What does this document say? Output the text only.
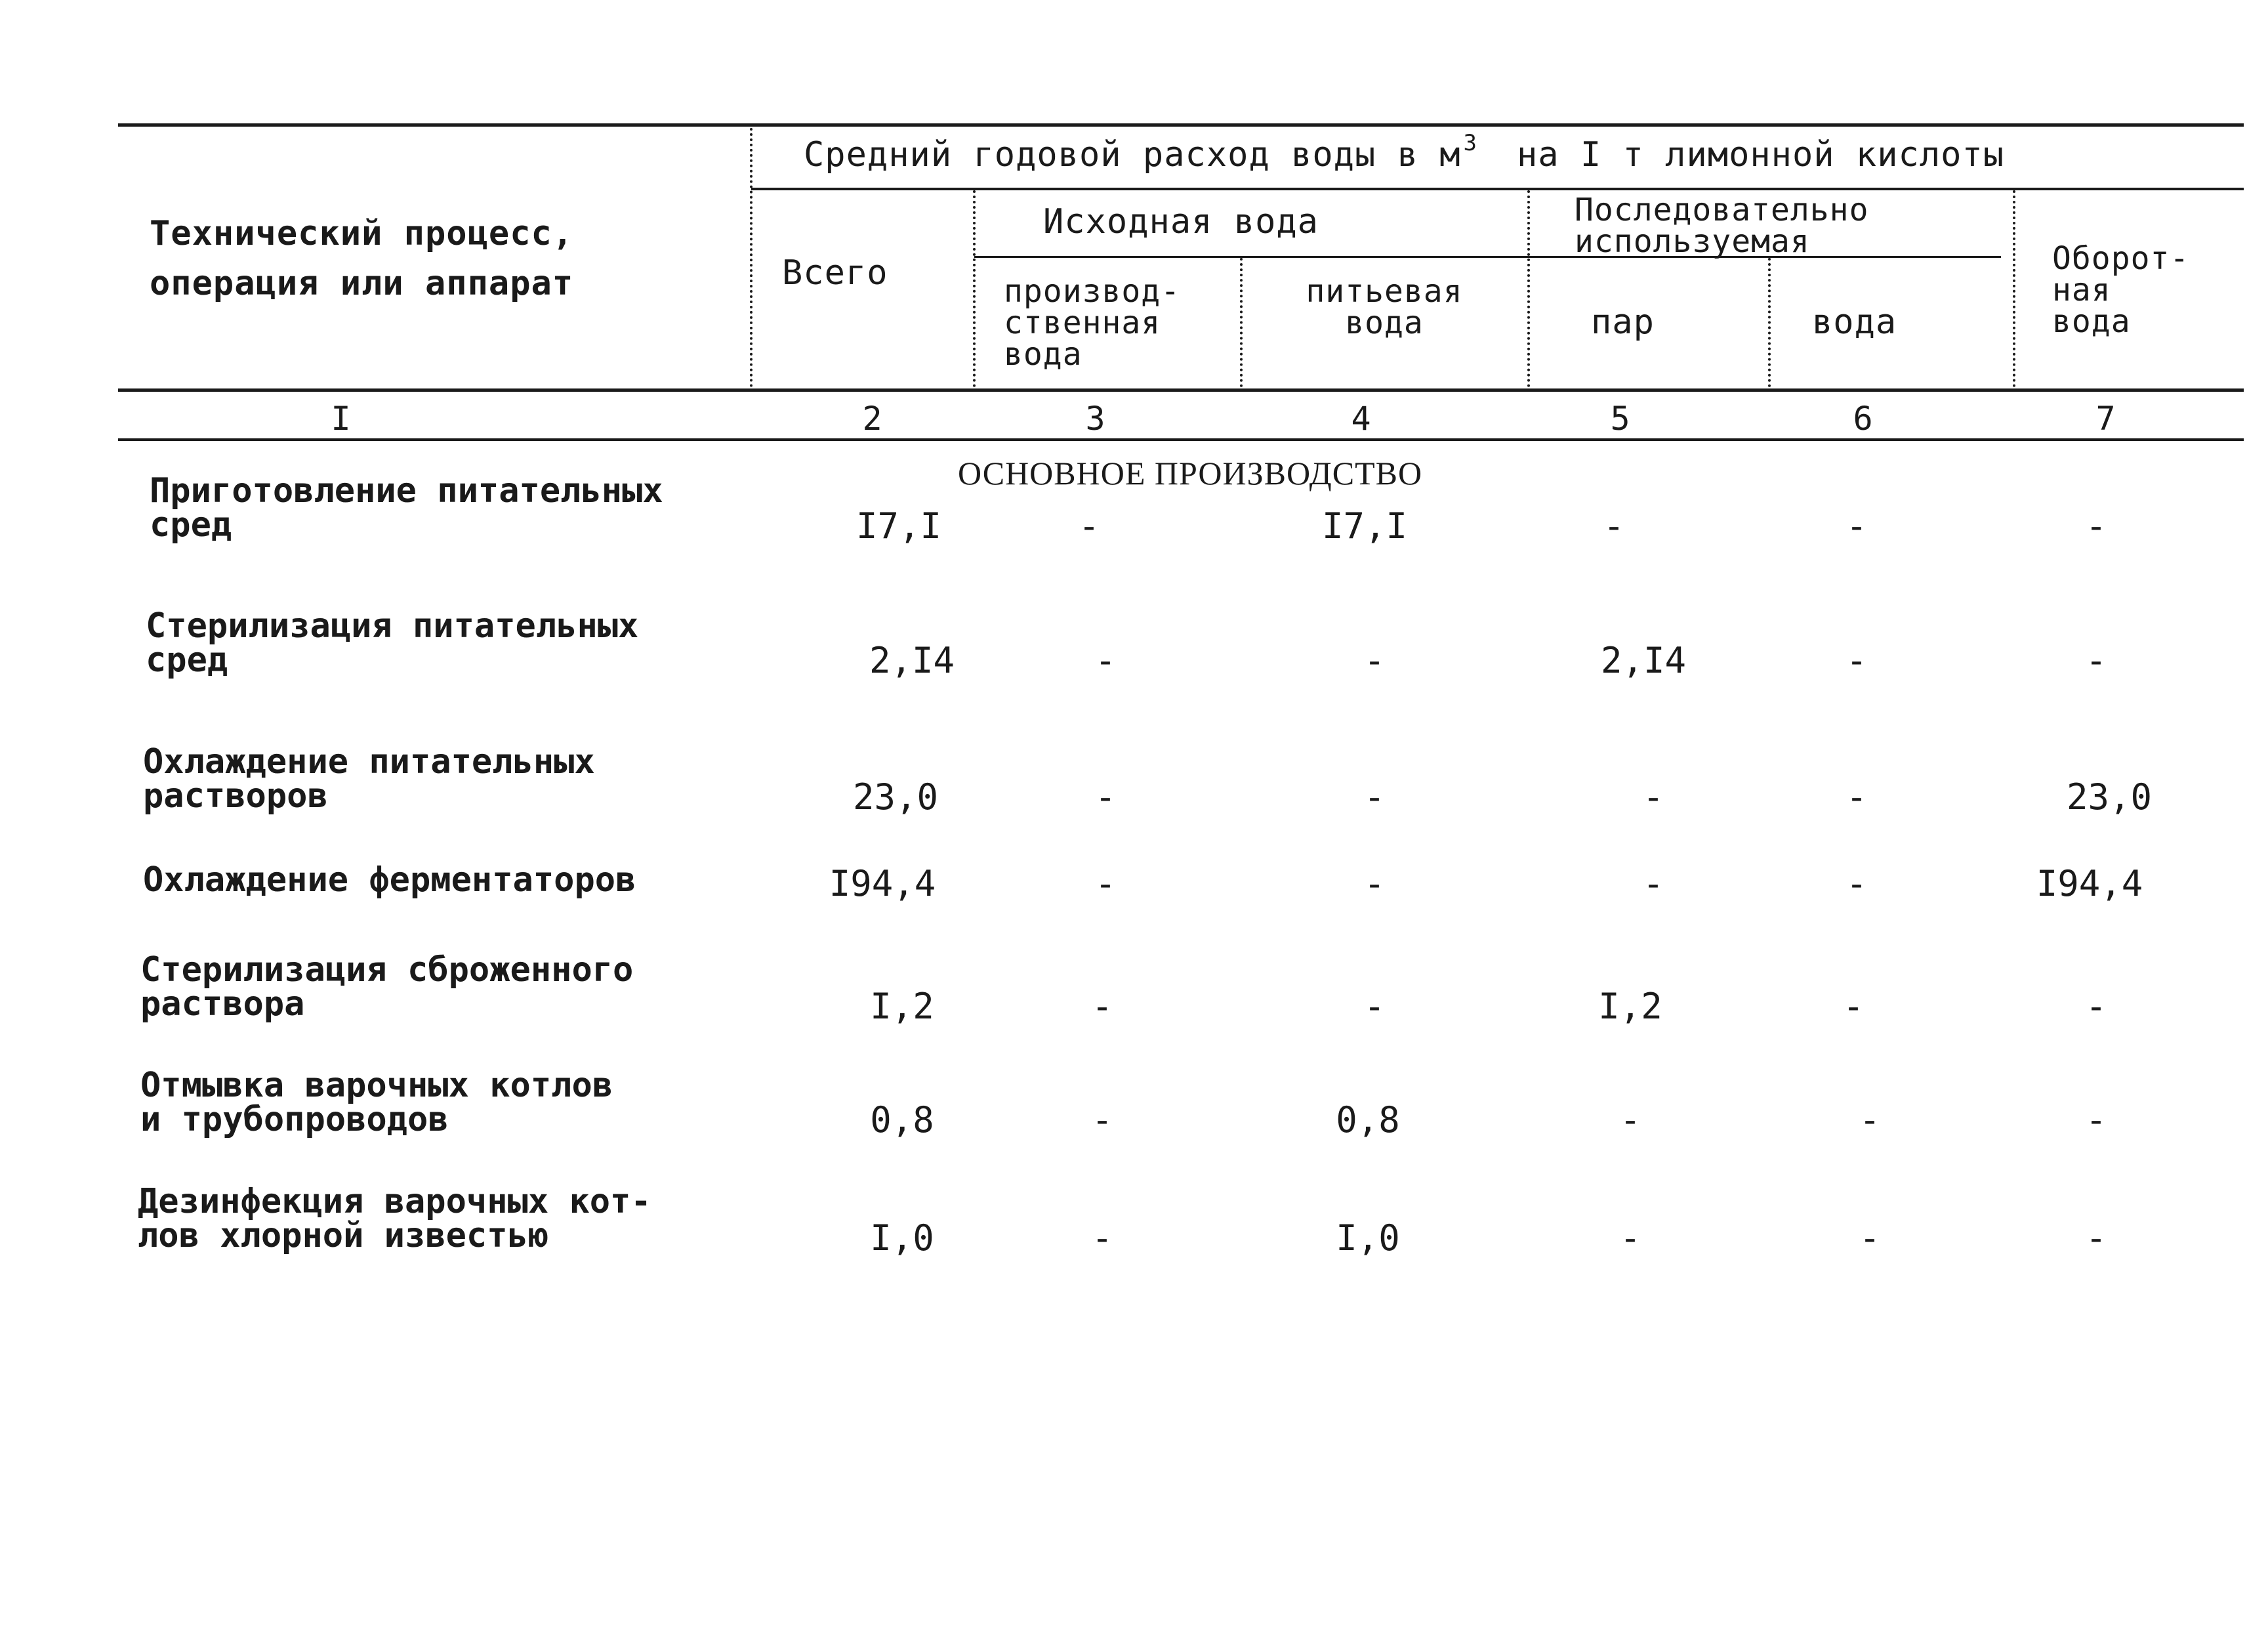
Технический процесс,
операция или аппарат
Средний годовой расход воды в м $^3$ на I т лимонной кислоты
Всего
Исходная вода
производ-
ственная
вода
питьевая
вода
Последовательно
используемая
пар	вода
Оборот-
ная
вода
I	2	3	4	5	6	7
ОСНОВНОЕ ПРОИЗВОДСТВО
Приготовление питательных
сред	I7,I	-	I7,I	-	-	-
Стерилизация питательных
сред	2,I4	-	-	2,I4	-	-
Охлаждение питательных
растворов	23,0	-	-	-	-	23,0
Охлаждение ферментаторов	I94,4	-	-	-	-	I94,4
Стерилизация сброженного
раствора	I,2	-	-	I,2	-	-
Отмывка варочных котлов
и трубопроводов	0,8	-	0,8	-	-	-
Дезинфекция варочных кот-
лов хлорной известью	I,0	-	I,0	-	-	-
